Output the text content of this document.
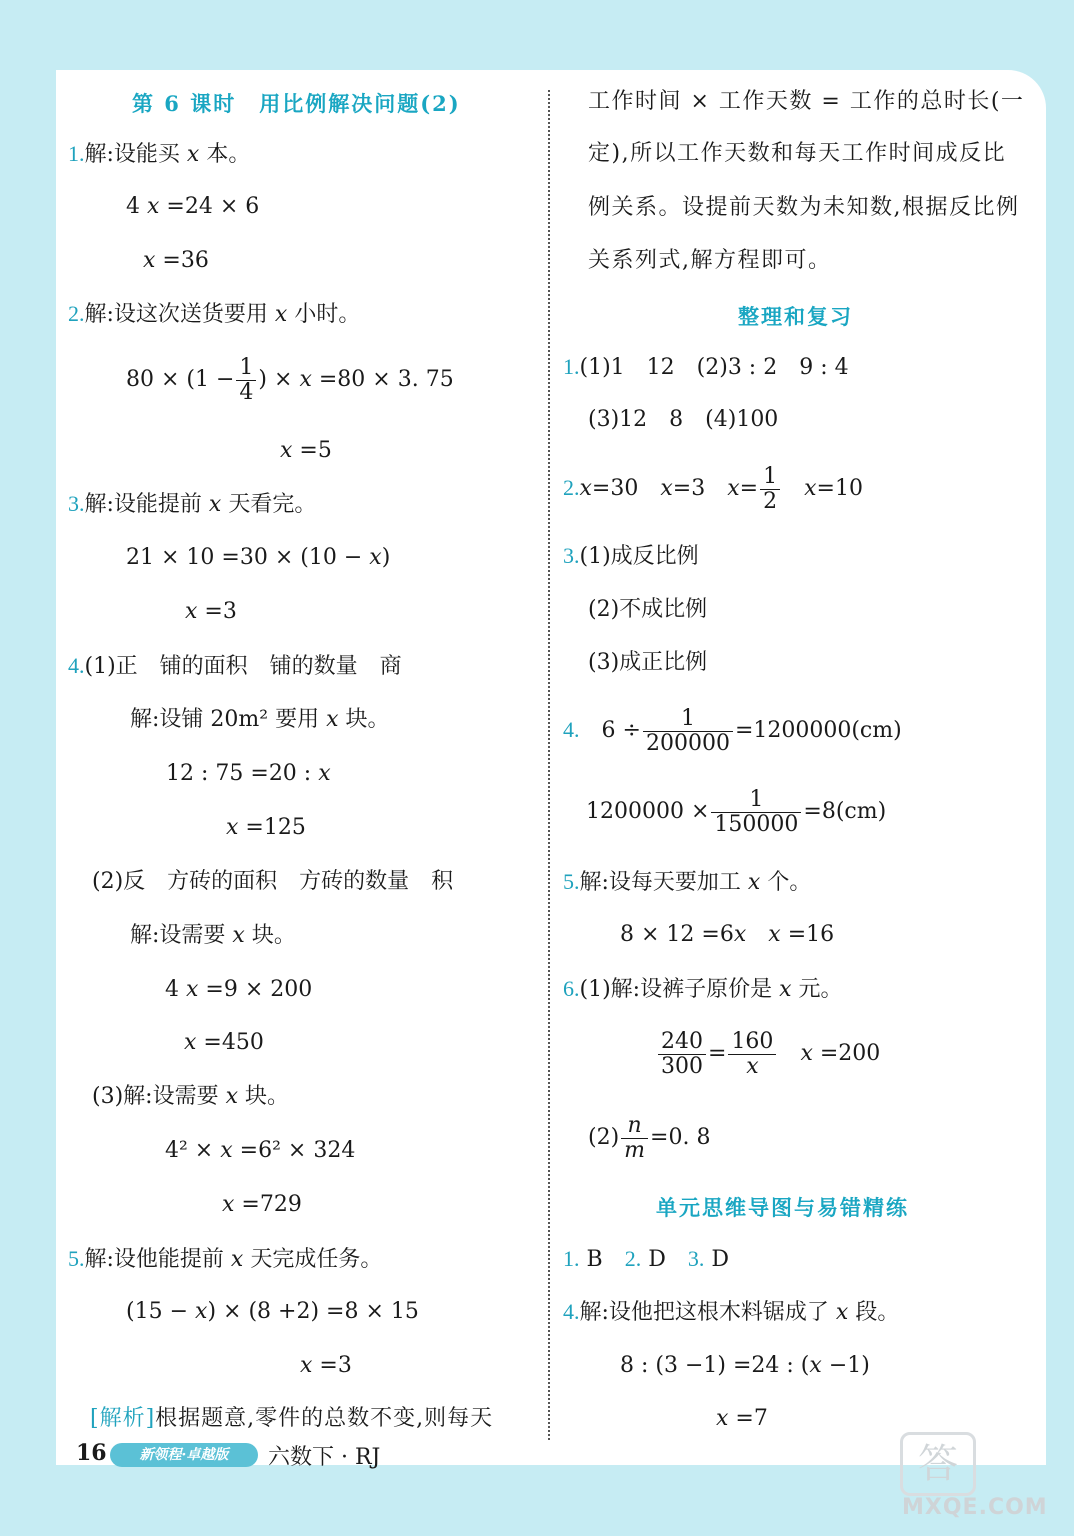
第 6 课时　用比例解决问题(2)
1.解:设能买 x 本。
4 x =24 × 6
x =36
2.解:设这次送货要用 x 小时。
$80 \times (1 - \frac{1}{4}$ ) × x =80 × 3. 75
x =5
3.解:设能提前 x 天看完。
21 × 10 =30 × (10 − x)
x =3
4.(1)正　铺的面积　铺的数量　商
解:设铺 20m² 要用 x 块。
12 : 75 =20 : x
x =125
(2)反　方砖的面积　方砖的数量　积
解:设需要 x 块。
4 x =9 × 200
x =450
(3)解:设需要 x 块。
4² × x =6² × 324
x =729
5.解:设他能提前 x 天完成任务。
(15 − x) × (8 +2) =8 × 15
x =3
[解析]根据题意,零件的总数不变,则每天
工作时间 × 工作天数 = 工作的总时长(一
定),所以工作天数和每天工作时间成反比
例关系。设提前天数为未知数,根据反比例
关系列式,解方程即可。
整理和复习
1.(1)1　12　(2)3 : 2　9 : 4
(3)12　8　(4)100
2.x=30　x=3　$x= \frac{1}{2}$
　 x=10
3.(1)成反比例
(2)不成比例
(3)成正比例
4.　 $6 \div \frac{1}{200000} =1200000(cm)$
$1200000 \times \frac{1}{150000} =8(cm)$
5.解:设每天要加工 x 个。
8 × 12 =6x　 x =16
6.(1)解:设裤子原价是 x 元。
$\frac{240}{300} = \frac{160}{x}$
　 x =200
$(2) \frac{n}{m} =0$. 8
单元思维导图与易错精练
1. B　 2. D　 3. D
4.解:设他把这根木料锯成了 x 段。
8 : (3 −1) =24 : (x −1)
x =7
16	新领程·卓越版	六数下 · RJ	答
MXQE.COM
